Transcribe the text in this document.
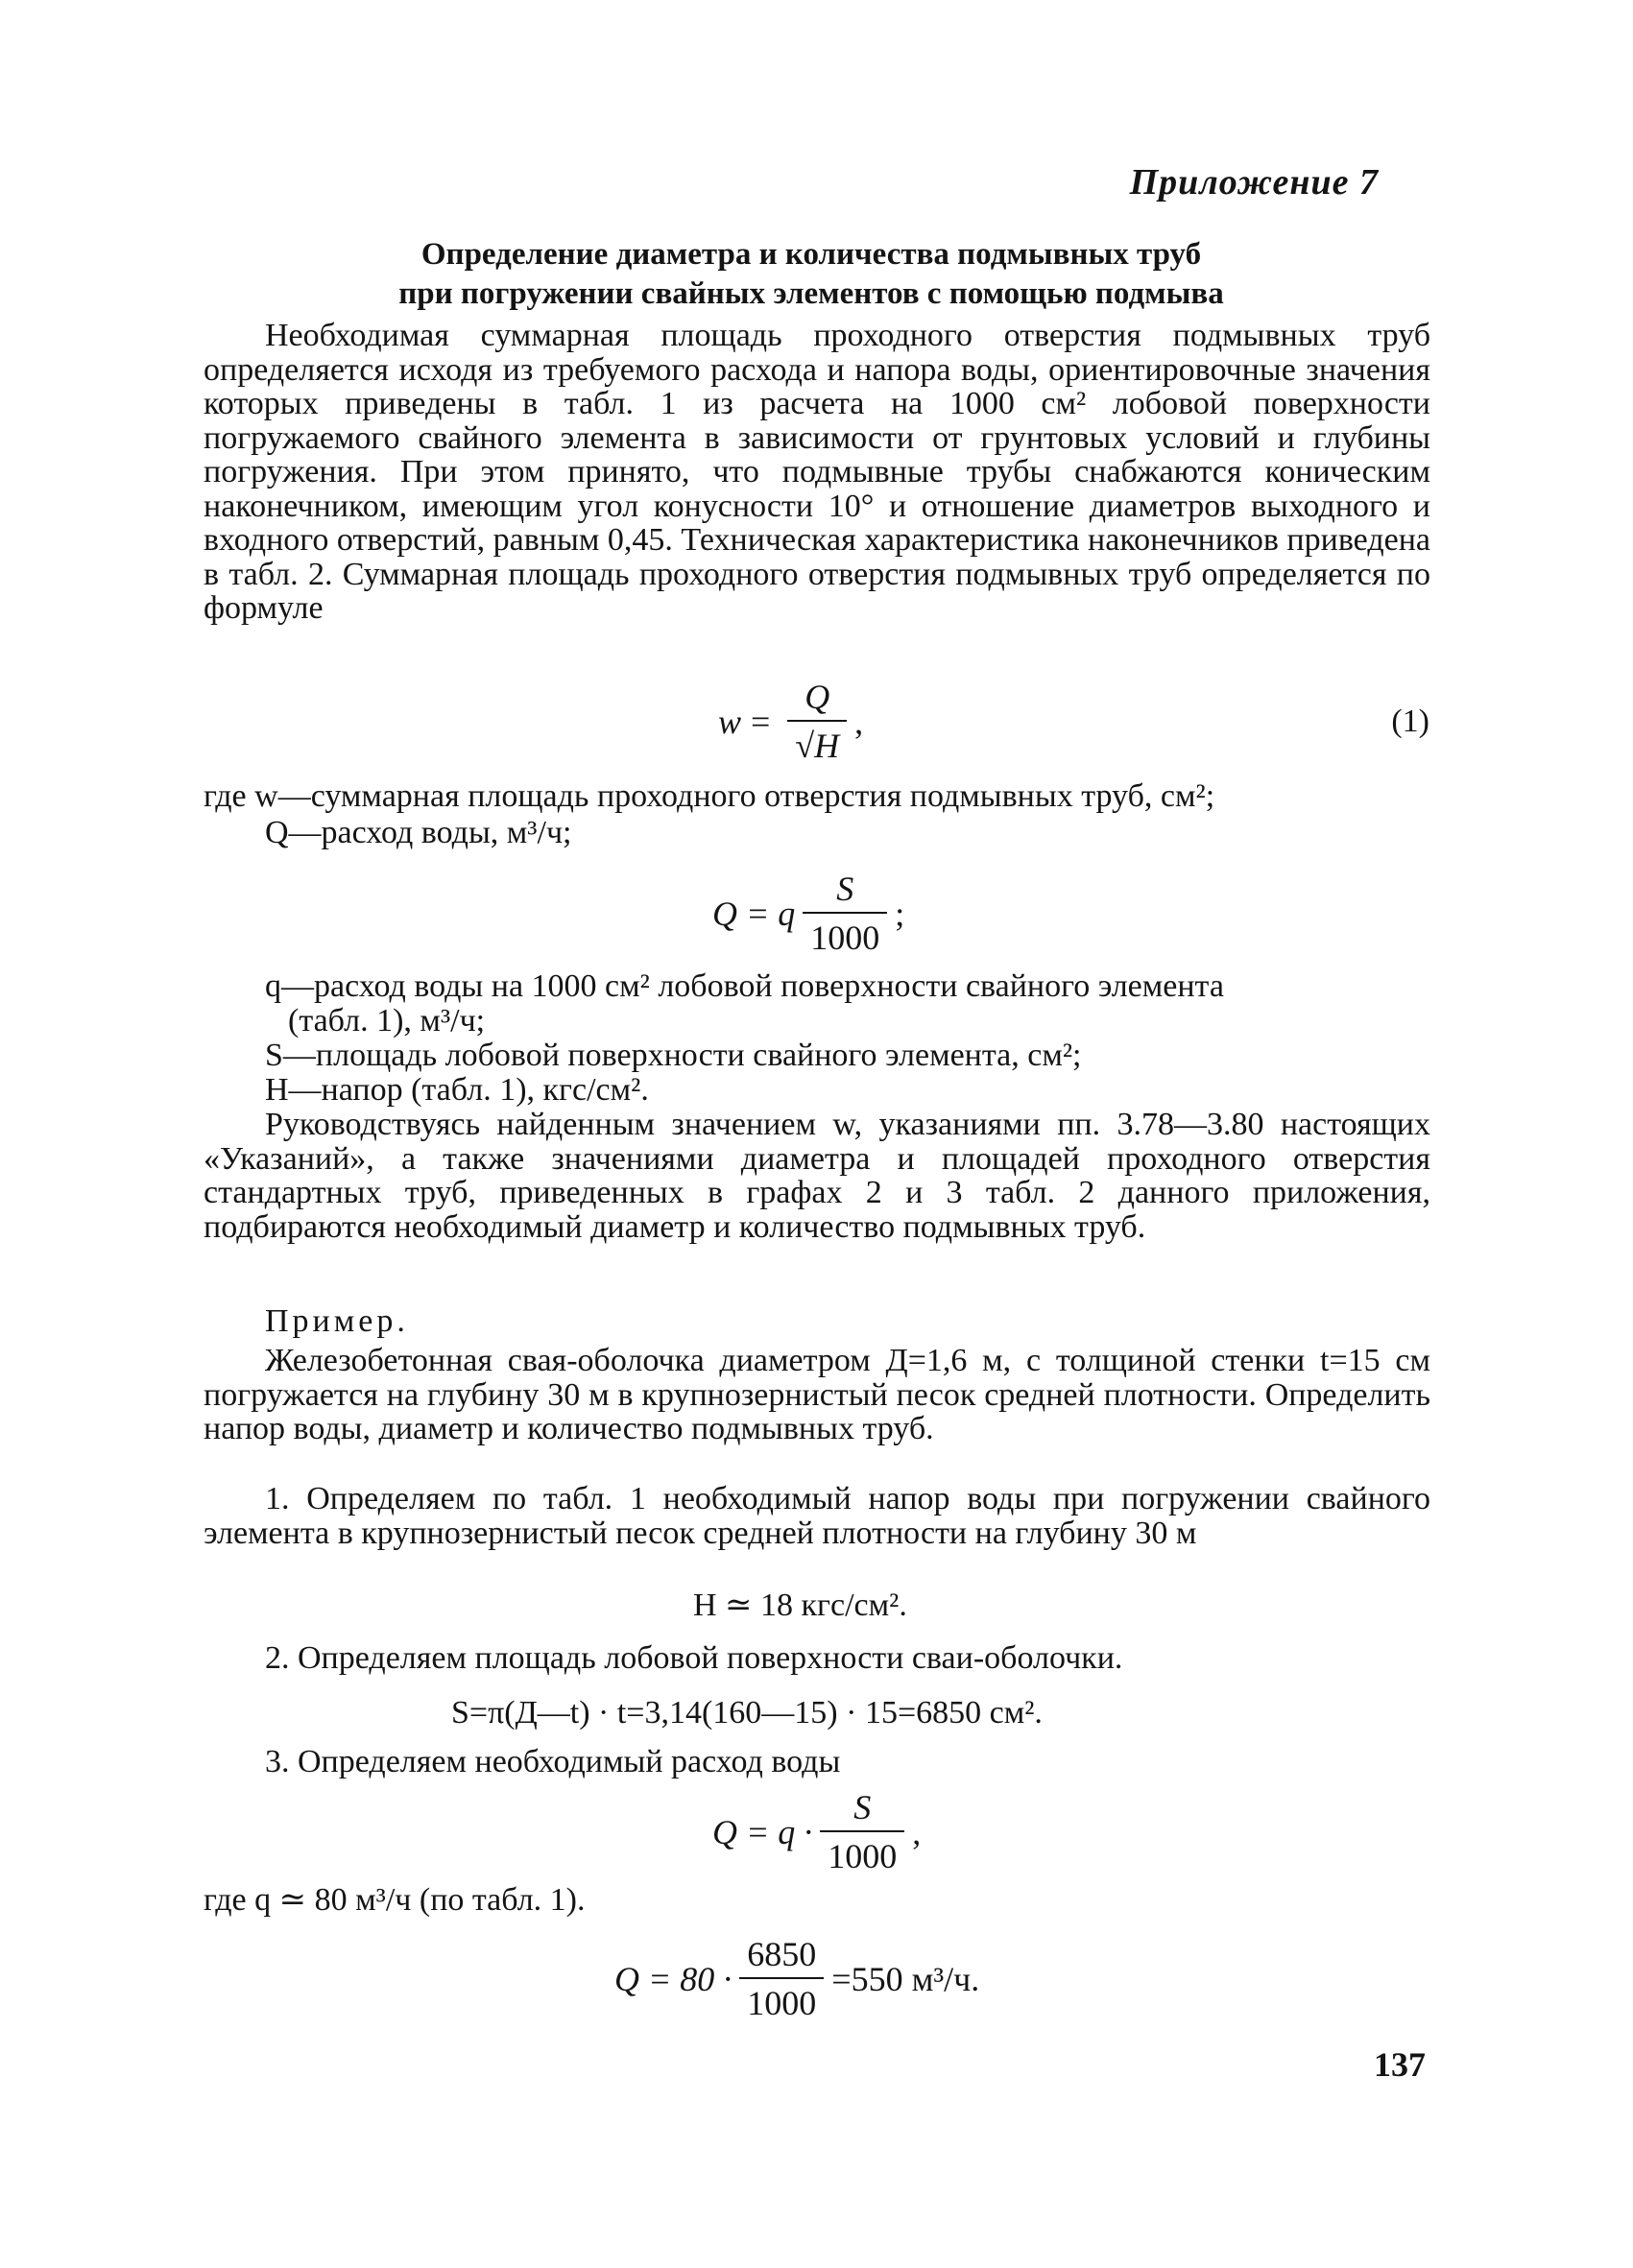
Приложение 7
Определение диаметра и количества подмывных труб
при погружении свайных элементов с помощью подмыва

Необходимая суммарная площадь проходного отверстия подмывных труб определяется исходя из требуемого расхода и напора воды, ориентировочные значения которых приведены в табл. 1 из расчета на 1000 см² лобовой поверхности погружаемого свайного элемента в зависимости от грунтовых условий и глубины погружения. При этом принято, что подмывные трубы снабжаются коническим наконечником, имеющим угол конусности 10° и отношение диаметров выходного и входного отверстий, равным 0,45. Техническая характеристика наконечников приведена в табл. 2. Суммарная площадь проходного отверстия подмывных труб определяется по формуле

$w = \frac{Q}{√H}$ ,	(1)
где w—суммарная площадь проходного отверстия подмывных труб, см²;
Q—расход воды, м³/ч;
Q = q $\frac{S}{1000}$ ;
q—расход воды на 1000 см² лобовой поверхности свайного элемента
(табл. 1), м³/ч;
S—площадь лобовой поверхности свайного элемента, см²;
H—напор (табл. 1), кгс/см².

Руководствуясь найденным значением w, указаниями пп. 3.78—3.80 настоящих «Указаний», а также значениями диаметра и площадей проходного отверстия стандартных труб, приведенных в графах 2 и 3 табл. 2 данного приложения, подбираются необходимый диаметр и количество подмывных труб.

Пример.

Железобетонная свая-оболочка диаметром Д=1,6 м, с толщиной стенки t=15 см погружается на глубину 30 м в крупнозернистый песок средней плотности. Определить напор воды, диаметр и количество подмывных труб.

1. Определяем по табл. 1 необходимый напор воды при погружении свайного элемента в крупнозернистый песок средней плотности на глубину 30 м

H ≃ 18 кгс/см².
2. Определяем площадь лобовой поверхности сваи-оболочки.
S=π(Д—t) · t=3,14(160—15) · 15=6850 см².
3. Определяем необходимый расход воды
$Q = q \cdot \frac{S}{1000}$ ,
где q ≃ 80 м³/ч (по табл. 1).
$Q = 80 \cdot \frac{6850}{1000} =550$ м³/ч.
137
